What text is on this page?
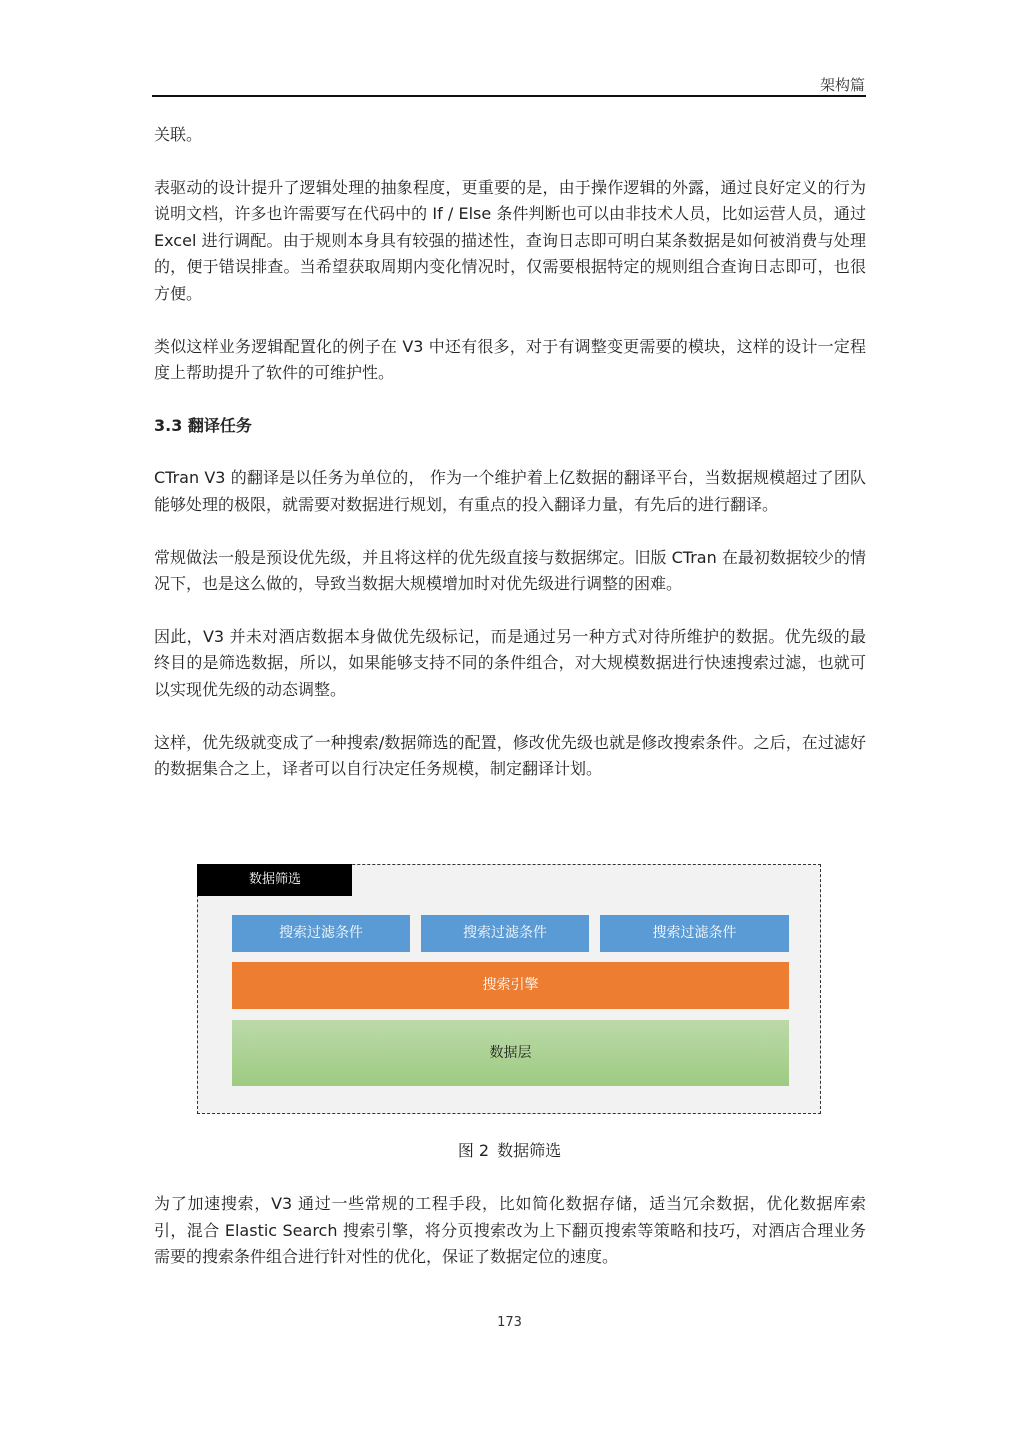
架构篇

关联。

表驱动的设计提升了逻辑处理的抽象程度，更重要的是，由于操作逻辑的外露，通过良好定义的行为说明文档，许多也许需要写在代码中的 If / Else 条件判断也可以由非技术人员，比如运营人员，通过 Excel 进行调配。由于规则本身具有较强的描述性，查询日志即可明白某条数据是如何被消费与处理的，便于错误排查。当希望获取周期内变化情况时，仅需要根据特定的规则组合查询日志即可，也很方便。

类似这样业务逻辑配置化的例子在 V3 中还有很多，对于有调整变更需要的模块，这样的设计一定程度上帮助提升了软件的可维护性。

3.3 翻译任务

CTran V3 的翻译是以任务为单位的， 作为一个维护着上亿数据的翻译平台，当数据规模超过了团队能够处理的极限，就需要对数据进行规划，有重点的投入翻译力量，有先后的进行翻译。

常规做法一般是预设优先级，并且将这样的优先级直接与数据绑定。旧版 CTran 在最初数据较少的情况下，也是这么做的，导致当数据大规模增加时对优先级进行调整的困难。

因此，V3 并未对酒店数据本身做优先级标记，而是通过另一种方式对待所维护的数据。优先级的最终目的是筛选数据，所以，如果能够支持不同的条件组合，对大规模数据进行快速搜索过滤，也就可以实现优先级的动态调整。

这样，优先级就变成了一种搜索/数据筛选的配置，修改优先级也就是修改搜索条件。之后，在过滤好的数据集合之上，译者可以自行决定任务规模，制定翻译计划。

数据筛选
搜索过滤条件	搜索过滤条件	搜索过滤条件
搜索引擎
数据层
图 2 数据筛选

为了加速搜索，V3 通过一些常规的工程手段，比如简化数据存储，适当冗余数据，优化数据库索引，混合 Elastic Search 搜索引擎，将分页搜索改为上下翻页搜索等策略和技巧，对酒店合理业务需要的搜索条件组合进行针对性的优化，保证了数据定位的速度。

173
